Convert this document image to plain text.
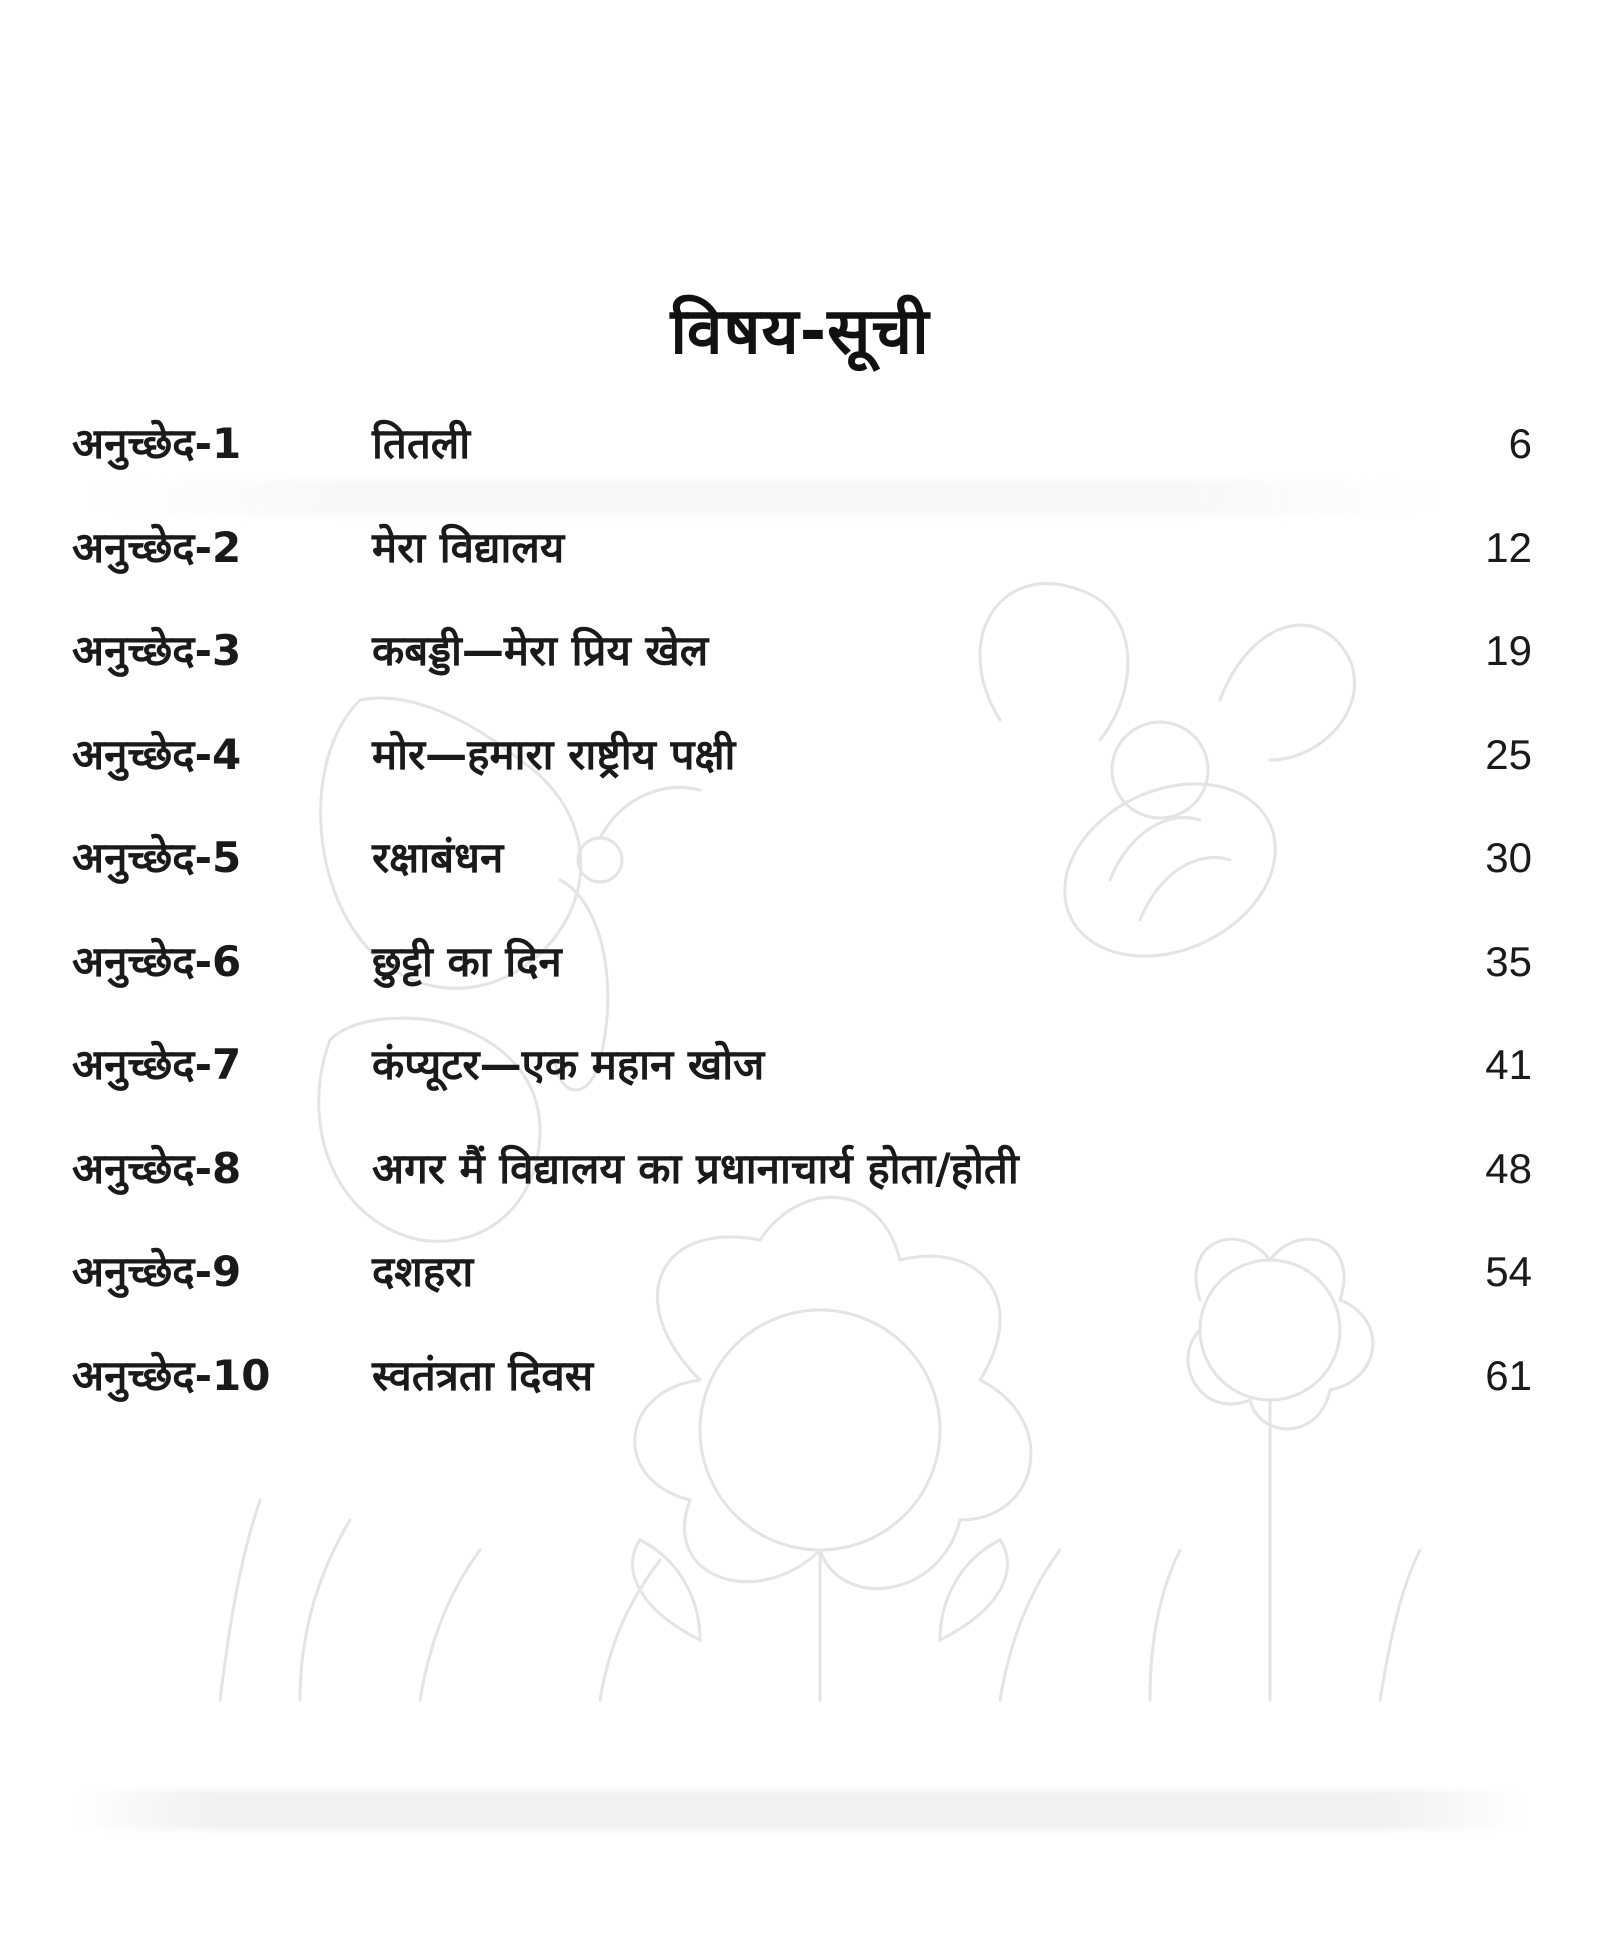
विषय-सूची
अनुच्छेद-1	तितली	6
अनुच्छेद-2	मेरा विद्यालय	12
अनुच्छेद-3	कबड्डी—मेरा प्रिय खेल	19
अनुच्छेद-4	मोर—हमारा राष्ट्रीय पक्षी	25
अनुच्छेद-5	रक्षाबंधन	30
अनुच्छेद-6	छुट्टी का दिन	35
अनुच्छेद-7	कंप्यूटर—एक महान खोज	41
अनुच्छेद-8	अगर मैं विद्यालय का प्रधानाचार्य होता/होती	48
अनुच्छेद-9	दशहरा	54
अनुच्छेद-10 स्वतंत्रता दिवस	61
